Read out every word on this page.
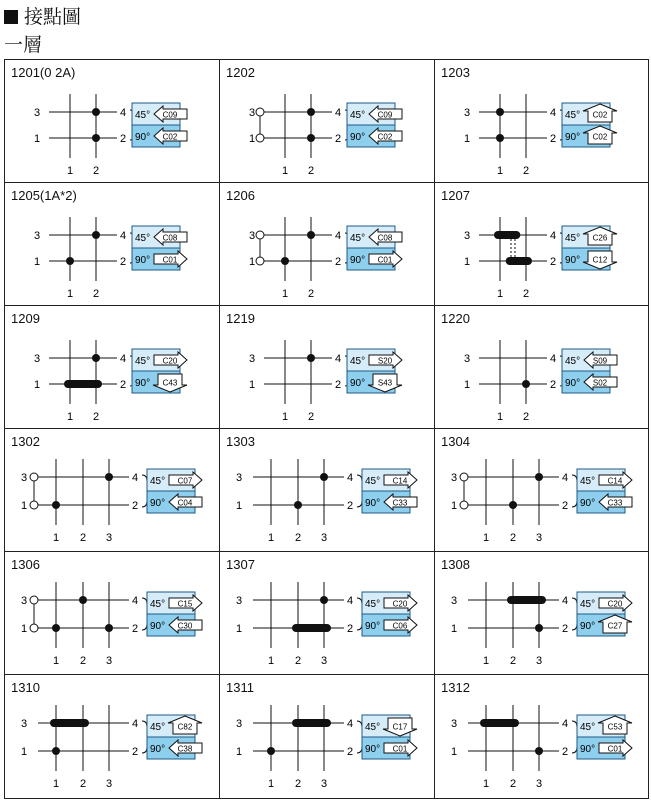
接點圖
一層
1201(0 2A)
3
1
4
2
1 2
45°
90°
C09
C02
1202
3
1
4
2
1 2
45°
90°
C09
C02
1203
3
1
4
2
1 2
45°
90°
C02
C02
1205(1A*2)
3
1
4
2
1 2
45°
90°
C08
C01
1206
3
1
4
2
1 2
45°
90°
C08
C01
1207
3
1
4
2
1 2
45°
90°
C26
C12
1209
3
1
4
2
1 2
45°
90°
C20
C43
1219
3
1
4
2
1 2
45°
90°
S20
S43
1220
3
1
4
2
1 2
45°
90°
S09
S02
1302
3
1
4
2
1 2 3
45°
90°
C07
C04
1303
3
1
4
2
1 2 3
45°
90°
C14
C33
1304
3
1
4
2
1 2 3
45°
90°
C14
C33
1306
3
1
4
2
1 2 3
45°
90°
C15
C30
1307
3
1
4
2
1 2 3
45°
90°
C20
C06
1308
3
1
4
2
1 2 3
45°
90°
C20
C27
1310
3
1
4
2
1 2 3
45°
90°
C82
C38
1311
3
1
4
2
1 2 3
45°
90°
C17
C01
1312
3
1
4
2
1 2 3
45°
90°
C53
C01
